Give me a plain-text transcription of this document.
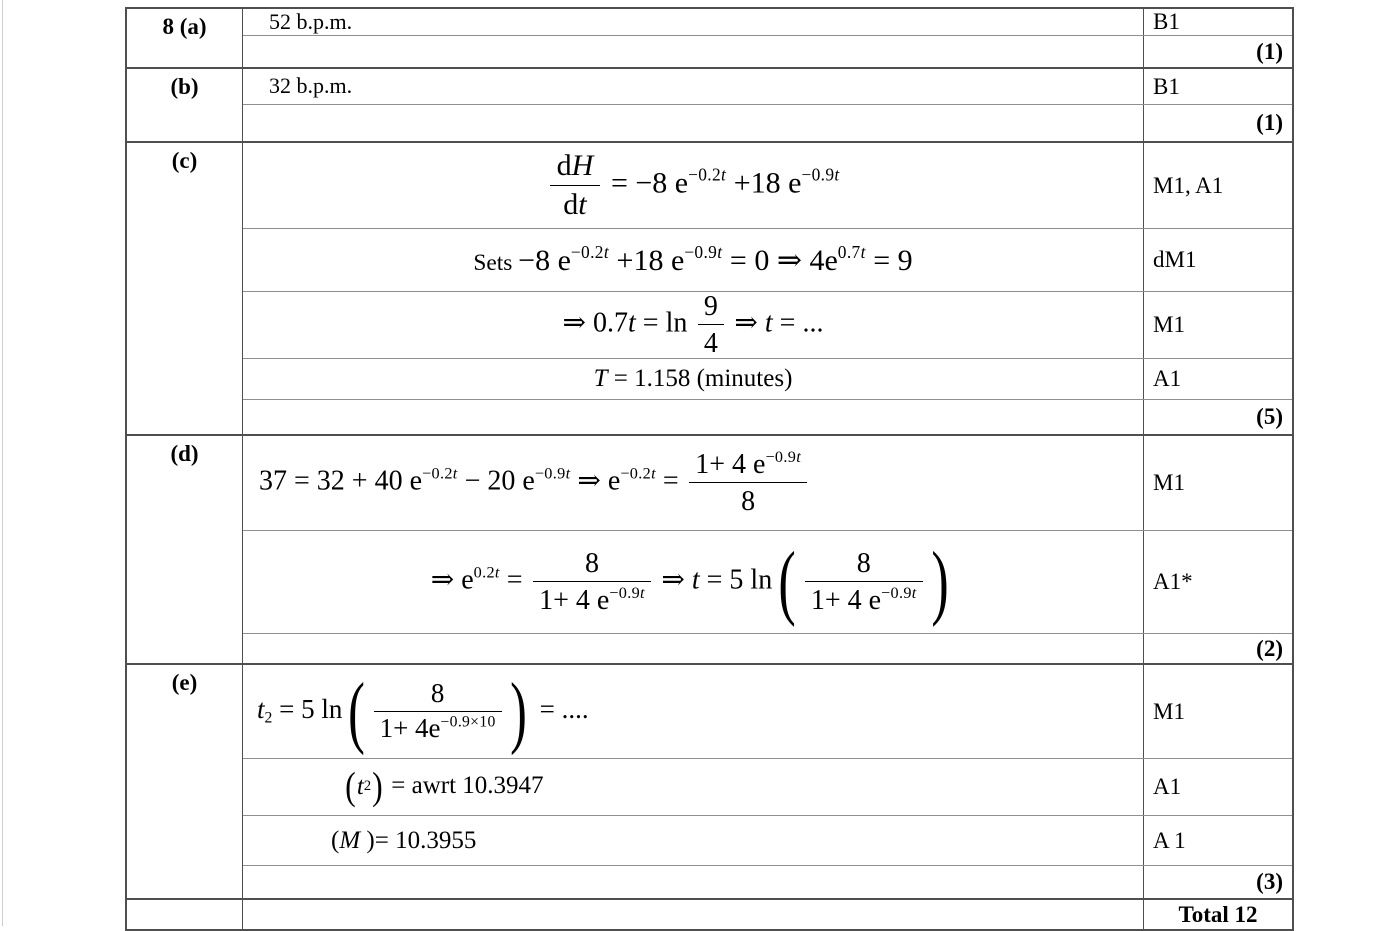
8 (a)	52 b.p.m.	B1
(1)
(b)	32 b.p.m.	B1
(1)
(c)	$\frac{dH}{dt} = -8$ $e^{-0.2t} +18$ $e^{-0.9t}$	M1, A1
Sets −8 $e^{-0.2t} +18$ $e^{-0.9t} = 0$ ⇒ $4e^{0.7t} = 9$	dM1
⇒ $0.7t = \ln \frac{9}{4}$ ⇒ t = ...	M1
T = 1.158 (minutes)	A1
(5)
(d)
37 = 32 + 40 $e^{-0.2t} - 20$ $e^{-0.9t}$ ⇒ $e^{-0.2t} = \frac{1+ 4 e^{-0.9t}}{8}$	M1
⇒ $e^{0.2t} = \frac{8}{1+ 4 e^{-0.9t}}$ ⇒ t = 5 ln ( $\frac{8}{1+ 4 e^{-0.9t}}$ )	A1*
(2)
(e)
$t_2 = 5$ ln ( $\frac{8}{1+ 4e^{-0.9\times 10}}$ ) = ....	M1
( t 2 ) = awrt 10.3947	A1
(M )= 10.3955	A 1
(3)
Total 12
